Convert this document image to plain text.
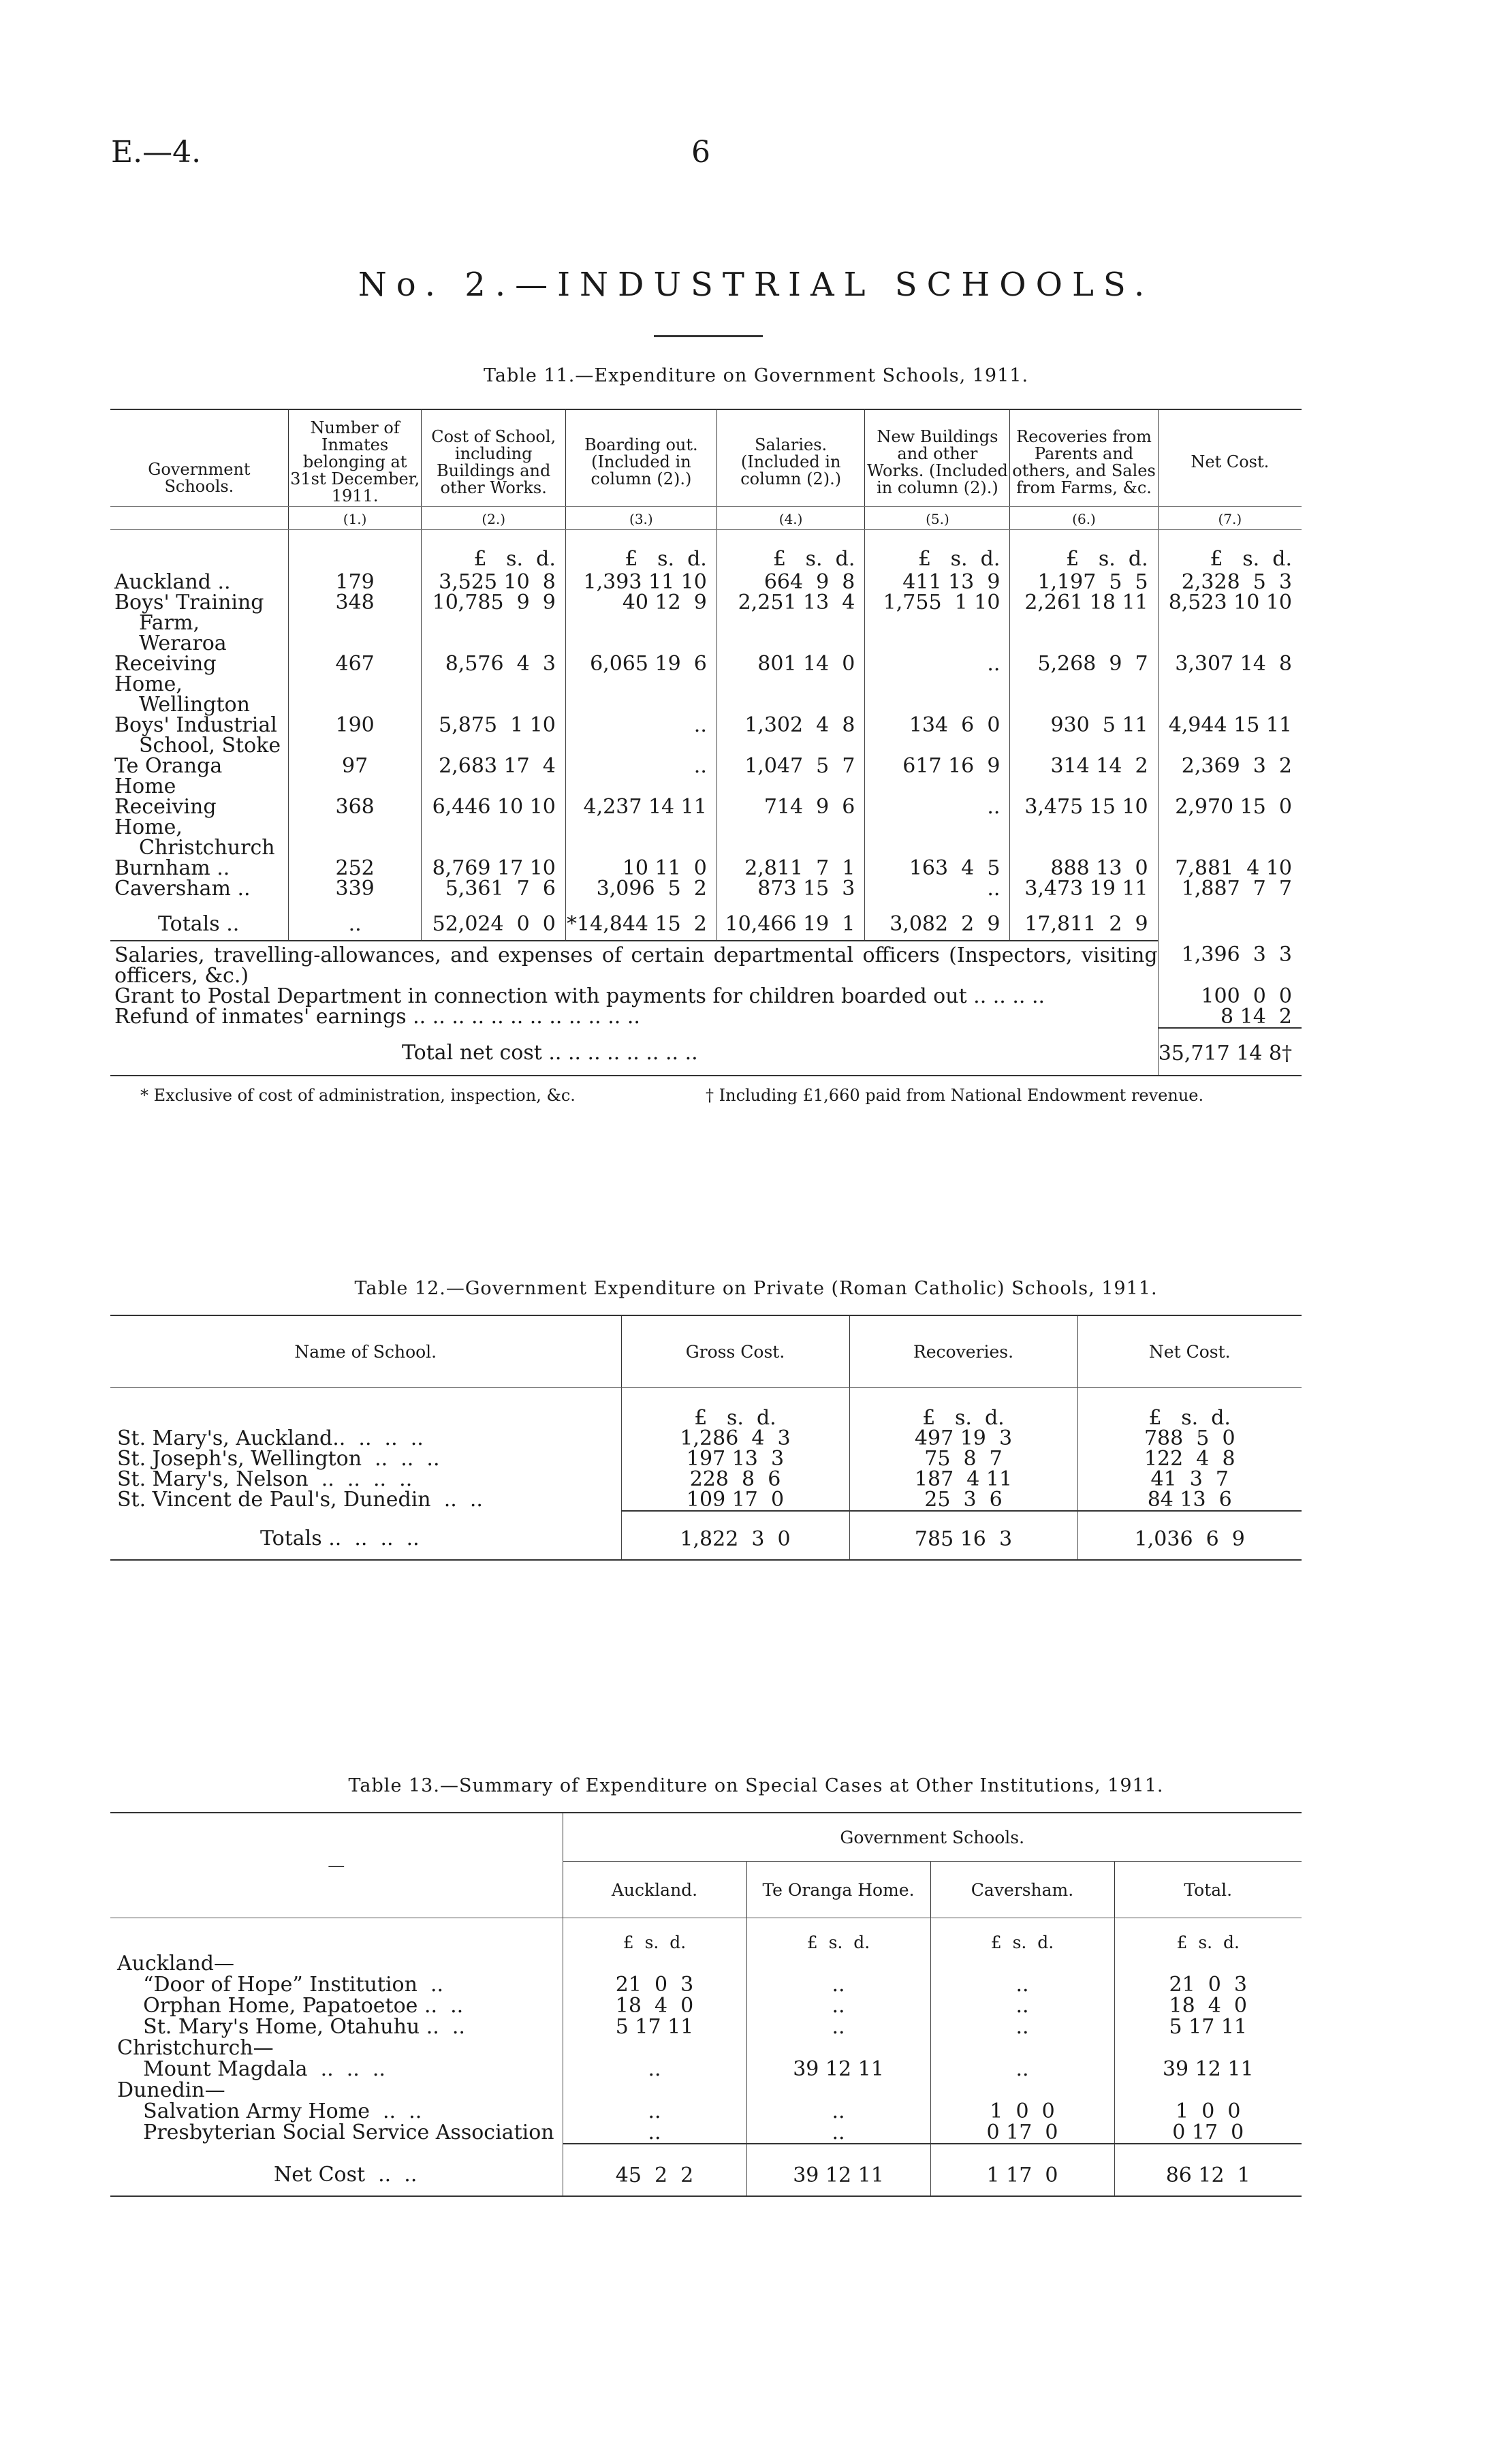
E.—4.	6
No. 2.—INDUSTRIAL SCHOOLS.
Table 11.—Expenditure on Government Schools, 1911.
Government Schools.	Number of Inmates belonging at 31st December, 1911.	Cost of School, including Buildings and other Works.	Boarding out. (Included in column (2).)	Salaries. (Included in column (2).)	New Buildings and other Works. (Included in column (2).)	Recoveries from Parents and others, and Sales from Farms, &c.	Net Cost.
	(1.)	(2.)	(3.)	(4.)	(5.)	(6.)	(7.)
		£   s.  d.	£   s.  d.	£   s.  d.	£   s.  d.	£   s.  d.	£   s.  d.
Auckland ..	179	3,525 10  8	1,393 11 10	664  9  8	411 13  9	1,197  5  5	2,328  5  3

Boys' Training
Farm, Weraroa	348	10,785  9  9	40 12  9	2,251 13  4	1,755  1 10	2,261 18 11	8,523 10 10

Receiving Home,
Wellington	467	8,576  4  3	6,065 19  6	801 14  0	..	5,268  9  7	3,307 14  8

Boys' Industrial
School, Stoke	190	5,875  1 10	..	1,302  4  8	134  6  0	930  5 11	4,944 15 11
Te Oranga Home	97	2,683 17  4	..	1,047  5  7	617 16  9	314 14  2	2,369  3  2

Receiving Home,
Christchurch	368	6,446 10 10	4,237 14 11	714  9  6	..	3,475 15 10	2,970 15  0
Burnham ..	252	8,769 17 10	10 11  0	2,811  7  1	163  4  5	888 13  0	7,881  4 10
Caversham ..	339	5,361  7  6	3,096  5  2	873 15  3	..	3,473 19 11	1,887  7  7
Totals ..	..	52,024  0  0	*14,844 15  2	10,466 19  1	3,082  2  9	17,811  2  9	
Salaries, travelling-allowances, and expenses of certain departmental officers (Inspectors, visiting officers, &c.)							1,396  3  3
Grant to Postal Department in connection with payments for children boarded out .. .. .. ..							100  0  0
Refund of inmates' earnings .. .. .. .. .. .. .. .. .. .. .. ..							8 14  2
Total net cost .. .. .. .. .. .. .. ..							35,717 14 8†

* Exclusive of cost of administration, inspection, &c.	† Including £1,660 paid from National Endowment revenue.
Table 12.—Government Expenditure on Private (Roman Catholic) Schools, 1911.
Name of School.	Gross Cost.	Recoveries.	Net Cost.
	£   s.  d.	£   s.  d.	£   s.  d.
St. Mary's, Auckland..  ..  ..  ..	1,286  4  3	497 19  3	788  5  0
St. Joseph's, Wellington  ..  ..  ..	197 13  3	75  8  7	122  4  8
St. Mary's, Nelson  ..  ..  ..  ..	228  8  6	187  4 11	41  3  7
St. Vincent de Paul's, Dunedin  ..  ..	109 17  0	25  3  6	84 13  6
Totals ..  ..  ..  ..	1,822  3  0	785 16  3	1,036  6  9

Table 13.—Summary of Expenditure on Special Cases at Other Institutions, 1911.
—	Government Schools.			
	Auckland.	Te Oranga Home.	Caversham.	Total.
	£  s.  d.	£  s.  d.	£  s.  d.	£  s.  d.
Auckland—				
“Door of Hope” Institution  ..	21  0  3	..	..	21  0  3
Orphan Home, Papatoetoe ..  ..	18  4  0	..	..	18  4  0
St. Mary's Home, Otahuhu ..  ..	5 17 11	..	..	5 17 11
Christchurch—				
Mount Magdala  ..  ..  ..	..	39 12 11	..	39 12 11
Dunedin—				
Salvation Army Home  ..  ..	..	..	1  0  0	1  0  0
Presbyterian Social Service Association	..	..	0 17  0	0 17  0
Net Cost  ..  ..	45  2  2	39 12 11	1 17  0	86 12  1
